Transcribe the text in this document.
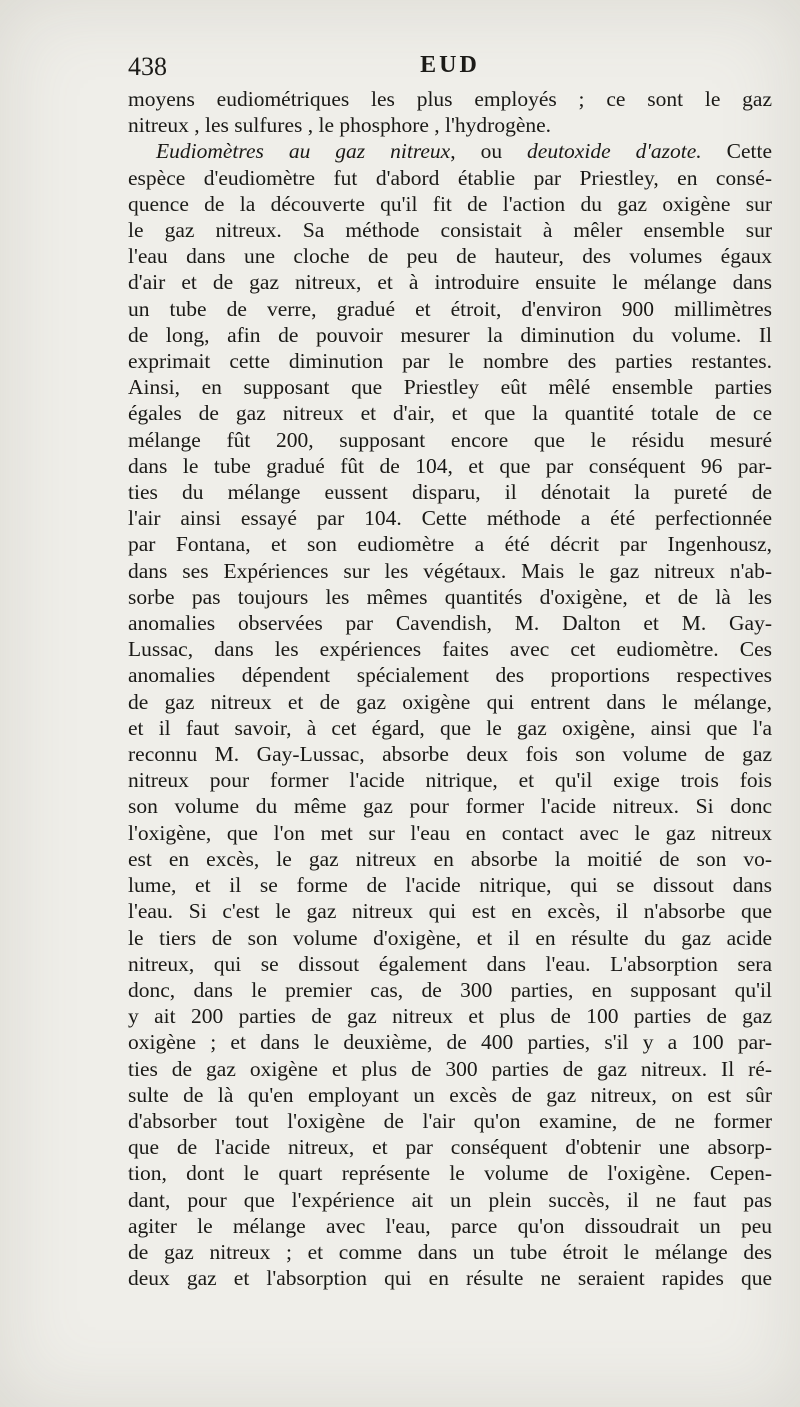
438	EUD
moyens eudiométriques les plus employés ; ce sont le gaz
nitreux , les sulfures , le phosphore , l'hydrogène.
Eudiomètres au gaz nitreux, ou deutoxide d'azote. Cette
espèce d'eudiomètre fut d'abord établie par Priestley, en consé-
quence de la découverte qu'il fit de l'action du gaz oxigène sur
le gaz nitreux. Sa méthode consistait à mêler ensemble sur
l'eau dans une cloche de peu de hauteur, des volumes égaux
d'air et de gaz nitreux, et à introduire ensuite le mélange dans
un tube de verre, gradué et étroit, d'environ 900 millimètres
de long, afin de pouvoir mesurer la diminution du volume. Il
exprimait cette diminution par le nombre des parties restantes.
Ainsi, en supposant que Priestley eût mêlé ensemble parties
égales de gaz nitreux et d'air, et que la quantité totale de ce
mélange fût 200, supposant encore que le résidu mesuré
dans le tube gradué fût de 104, et que par conséquent 96 par-
ties du mélange eussent disparu, il dénotait la pureté de
l'air ainsi essayé par 104. Cette méthode a été perfectionnée
par Fontana, et son eudiomètre a été décrit par Ingenhousz,
dans ses Expériences sur les végétaux. Mais le gaz nitreux n'ab-
sorbe pas toujours les mêmes quantités d'oxigène, et de là les
anomalies observées par Cavendish, M. Dalton et M. Gay-
Lussac, dans les expériences faites avec cet eudiomètre. Ces
anomalies dépendent spécialement des proportions respectives
de gaz nitreux et de gaz oxigène qui entrent dans le mélange,
et il faut savoir, à cet égard, que le gaz oxigène, ainsi que l'a
reconnu M. Gay-Lussac, absorbe deux fois son volume de gaz
nitreux pour former l'acide nitrique, et qu'il exige trois fois
son volume du même gaz pour former l'acide nitreux. Si donc
l'oxigène, que l'on met sur l'eau en contact avec le gaz nitreux
est en excès, le gaz nitreux en absorbe la moitié de son vo-
lume, et il se forme de l'acide nitrique, qui se dissout dans
l'eau. Si c'est le gaz nitreux qui est en excès, il n'absorbe que
le tiers de son volume d'oxigène, et il en résulte du gaz acide
nitreux, qui se dissout également dans l'eau. L'absorption sera
donc, dans le premier cas, de 300 parties, en supposant qu'il
y ait 200 parties de gaz nitreux et plus de 100 parties de gaz
oxigène ; et dans le deuxième, de 400 parties, s'il y a 100 par-
ties de gaz oxigène et plus de 300 parties de gaz nitreux. Il ré-
sulte de là qu'en employant un excès de gaz nitreux, on est sûr
d'absorber tout l'oxigène de l'air qu'on examine, de ne former
que de l'acide nitreux, et par conséquent d'obtenir une absorp-
tion, dont le quart représente le volume de l'oxigène. Cepen-
dant, pour que l'expérience ait un plein succès, il ne faut pas
agiter le mélange avec l'eau, parce qu'on dissoudrait un peu
de gaz nitreux ; et comme dans un tube étroit le mélange des
deux gaz et l'absorption qui en résulte ne seraient rapides que
